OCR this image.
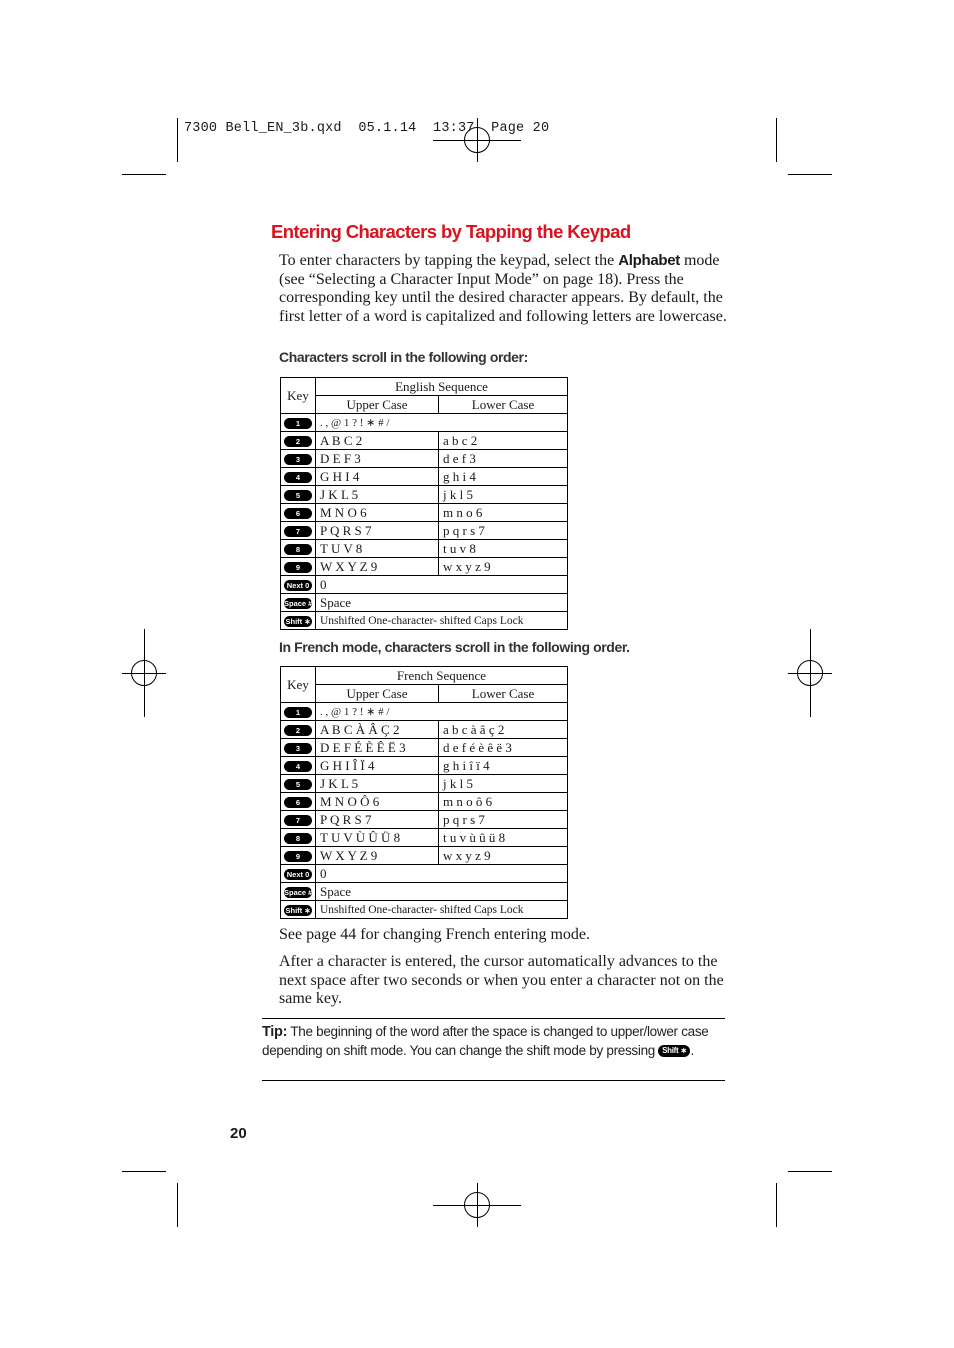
7300 Bell_EN_3b.qxd  05.1.14  13:37  Page 20
Entering Characters by Tapping the Keypad
To enter characters by tapping the keypad, select the Alphabet mode (see “Selecting a Character Input Mode” on page 18). Press the corresponding key until the desired character appears. By default, the first letter of a word is capitalized and following letters are lowercase.
Characters scroll in the following order:
Key	English Sequence	
	Upper Case	Lower Case
1	. , @ 1 ? ! ∗ # /	
2	A B C 2	a b c 2
3	D E F 3	d e f 3
4	G H I 4	g h i 4
5	J K L 5	j k l 5
6	M N O 6	m n o 6
7	P Q R S 7	p q r s 7
8	T U V 8	t u v 8
9	W X Y Z 9	w x y z 9
Next 0	0	
Space #	Space	
Shift ∗	Unshifted One-character- shifted Caps Lock	
In French mode, characters scroll in the following order.
Key	French Sequence	
	Upper Case	Lower Case
1	. , @ 1 ? ! ∗ # /	
2	A B C À Â Ç 2	a b c à â ç 2
3	D E F É È Ê Ë 3	d e f é è ê ë 3
4	G H I Î Ï 4	g h i î ï 4
5	J K L 5	j k l 5
6	M N O Ô 6	m n o ô 6
7	P Q R S 7	p q r s 7
8	T U V Ù Û Ü 8	t u v ù û ü 8
9	W X Y Z 9	w x y z 9
Next 0	0	
Space #	Space	
Shift ∗	Unshifted One-character- shifted Caps Lock	

See page 44 for changing French entering mode.

After a character is entered, the cursor automatically advances to the next space after two seconds or when you enter a character not on the same key.

Tip: The beginning of the word after the space is changed to upper/lower case depending on shift mode. You can change the shift mode by pressing Shift ∗ .
20
